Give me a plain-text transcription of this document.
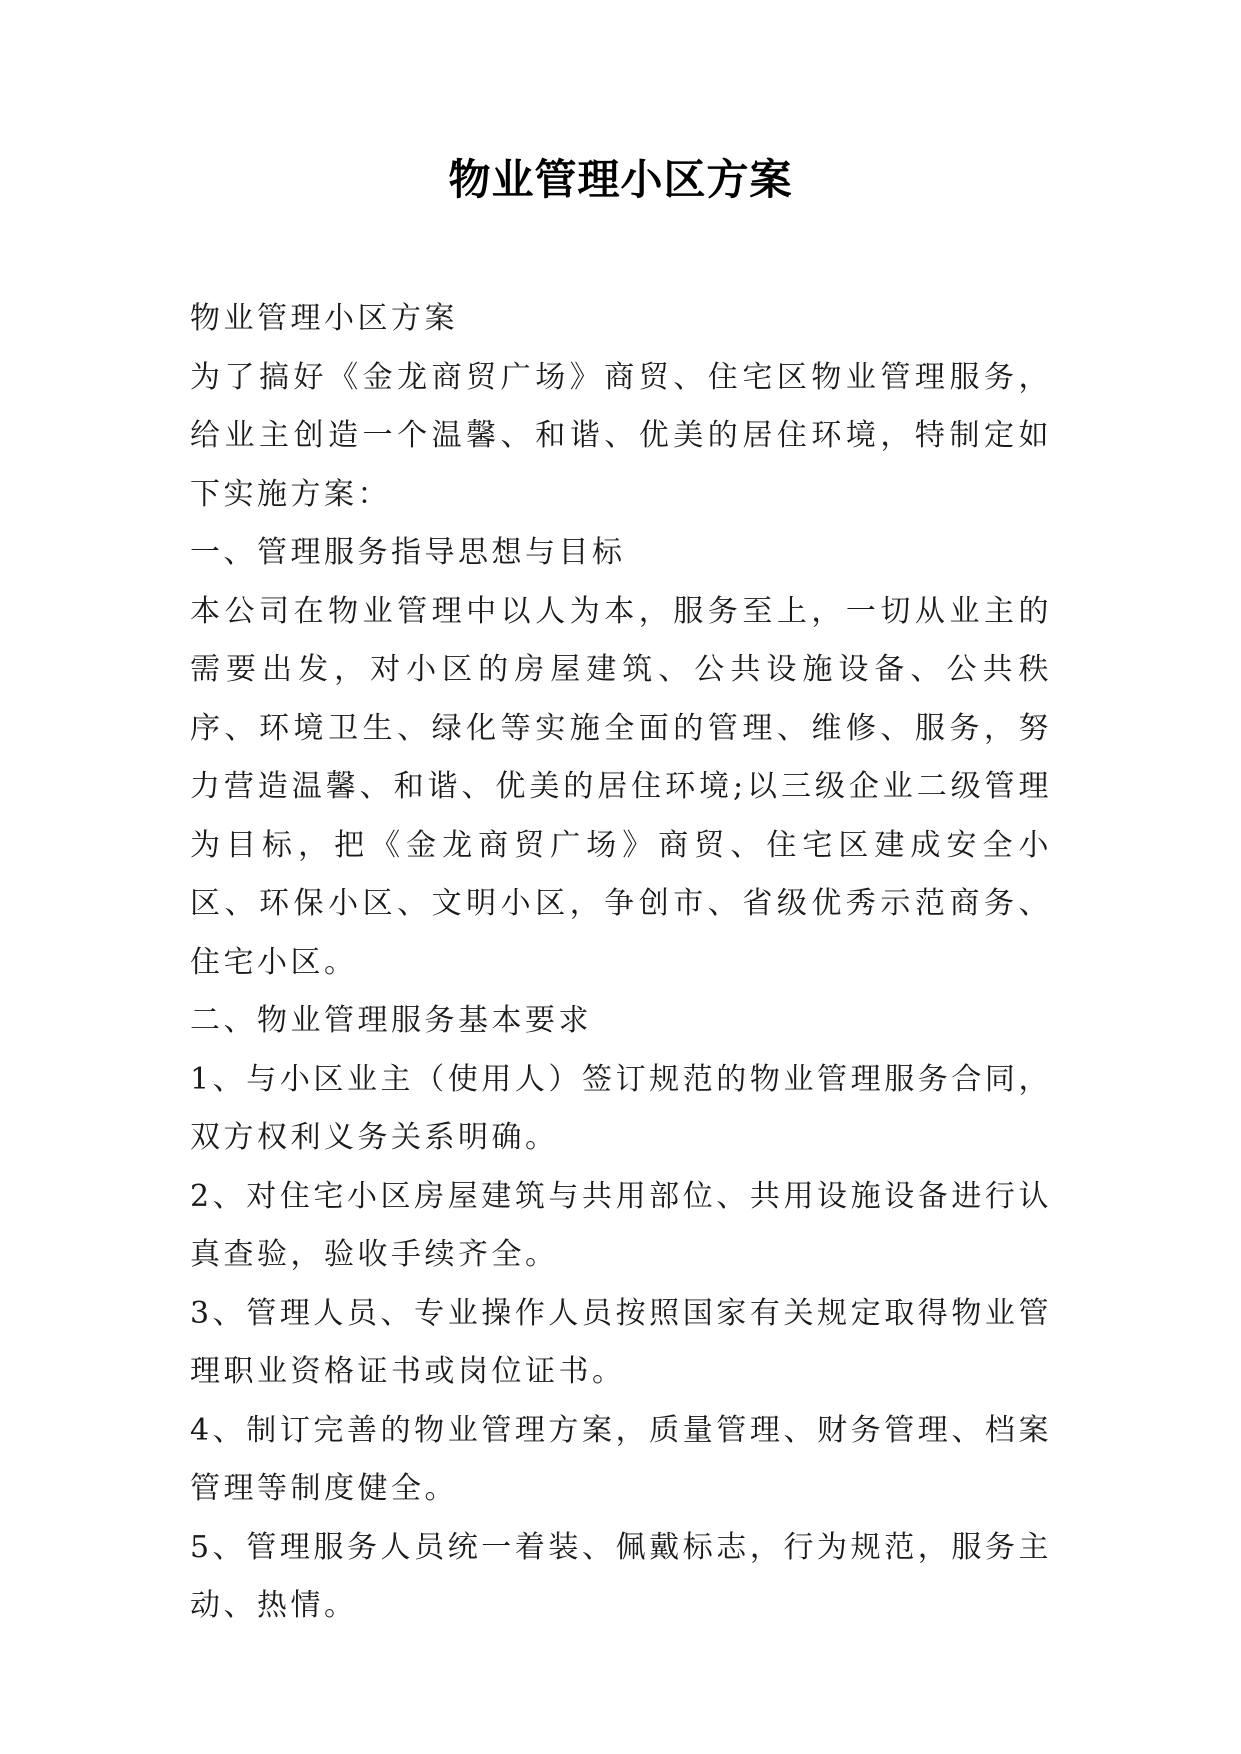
物业管理小区方案

物业管理小区方案

为了搞好《金龙商贸广场》商贸、住宅区物业管理服务，给业主创造一个温馨、和谐、优美的居住环境，特制定如下实施方案：

一、管理服务指导思想与目标

本公司在物业管理中以人为本，服务至上，一切从业主的需要出发，对小区的房屋建筑、公共设施设备、公共秩序、环境卫生、绿化等实施全面的管理、维修、服务，努力营造温馨、和谐、优美的居住环境;以三级企业二级管理为目标，把《金龙商贸广场》商贸、住宅区建成安全小区、环保小区、文明小区，争创市、省级优秀示范商务、住宅小区。

二、物业管理服务基本要求

1、与小区业主（使用人）签订规范的物业管理服务合同，双方权利义务关系明确。

2、对住宅小区房屋建筑与共用部位、共用设施设备进行认真查验，验收手续齐全。

3、管理人员、专业操作人员按照国家有关规定取得物业管理职业资格证书或岗位证书。

4、制订完善的物业管理方案，质量管理、财务管理、档案管理等制度健全。

5、管理服务人员统一着装、佩戴标志，行为规范，服务主动、热情。
